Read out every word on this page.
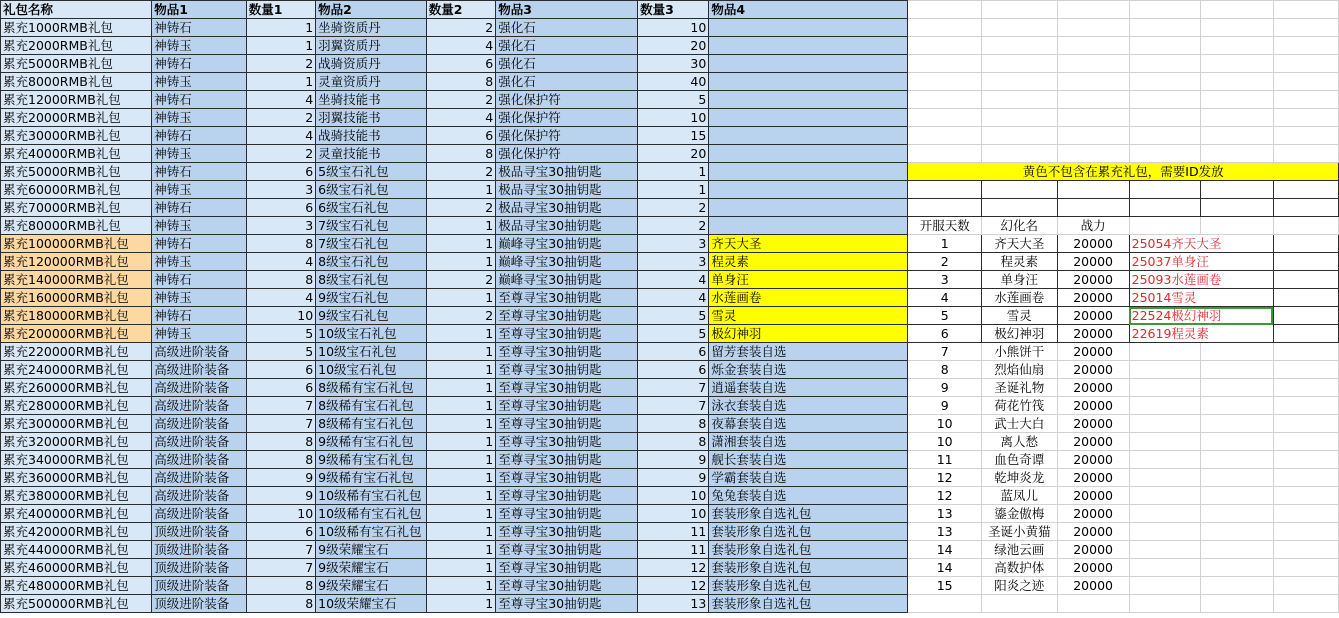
礼包名称	物品1	数量1	物品2	数量2	物品3	数量3	物品4						
累充1000RMB礼包	神铸石	1	坐骑资质丹	2	强化石	10							
累充2000RMB礼包	神铸玉	1	羽翼资质丹	4	强化石	20							
累充5000RMB礼包	神铸石	2	战骑资质丹	6	强化石	30							
累充8000RMB礼包	神铸玉	1	灵童资质丹	8	强化石	40							
累充12000RMB礼包	神铸石	4	坐骑技能书	2	强化保护符	5							
累充20000RMB礼包	神铸玉	2	羽翼技能书	4	强化保护符	10							
累充30000RMB礼包	神铸石	4	战骑技能书	6	强化保护符	15							
累充40000RMB礼包	神铸玉	2	灵童技能书	8	强化保护符	20							
累充50000RMB礼包	神铸石	6	5级宝石礼包	2	极品寻宝30抽钥匙	1		黄色不包含在累充礼包，需要ID发放					
累充60000RMB礼包	神铸玉	3	6级宝石礼包	1	极品寻宝30抽钥匙	1							
累充70000RMB礼包	神铸石	6	6级宝石礼包	2	极品寻宝30抽钥匙	2							
累充80000RMB礼包	神铸玉	3	7级宝石礼包	1	极品寻宝30抽钥匙	2		开服天数	幻化名	战力			
累充100000RMB礼包	神铸石	8	7级宝石礼包	1	巅峰寻宝30抽钥匙	3	齐天大圣	1	齐天大圣	20000	25054齐天大圣		
累充120000RMB礼包	神铸玉	4	8级宝石礼包	1	巅峰寻宝30抽钥匙	3	程灵素	2	程灵素	20000	25037单身汪		
累充140000RMB礼包	神铸石	8	8级宝石礼包	2	巅峰寻宝30抽钥匙	4	单身汪	3	单身汪	20000	25093水莲画卷		
累充160000RMB礼包	神铸玉	4	9级宝石礼包	1	至尊寻宝30抽钥匙	4	水莲画卷	4	水莲画卷	20000	25014雪灵		
累充180000RMB礼包	神铸石	10	9级宝石礼包	2	至尊寻宝30抽钥匙	5	雪灵	5	雪灵	20000	22524极幻神羽		
累充200000RMB礼包	神铸玉	5	10级宝石礼包	1	至尊寻宝30抽钥匙	5	极幻神羽	6	极幻神羽	20000	22619程灵素		
累充220000RMB礼包	高级进阶装备	5	10级宝石礼包	1	至尊寻宝30抽钥匙	6	留芳套装自选	7	小熊饼干	20000			
累充240000RMB礼包	高级进阶装备	6	10级宝石礼包	1	至尊寻宝30抽钥匙	6	烁金套装自选	8	烈焰仙扇	20000			
累充260000RMB礼包	高级进阶装备	6	8级稀有宝石礼包	1	至尊寻宝30抽钥匙	7	逍遥套装自选	9	圣诞礼物	20000			
累充280000RMB礼包	高级进阶装备	7	8级稀有宝石礼包	1	至尊寻宝30抽钥匙	7	泳衣套装自选	9	荷花竹筏	20000			
累充300000RMB礼包	高级进阶装备	7	8级稀有宝石礼包	1	至尊寻宝30抽钥匙	8	夜幕套装自选	10	武士大白	20000			
累充320000RMB礼包	高级进阶装备	8	9级稀有宝石礼包	1	至尊寻宝30抽钥匙	8	潇湘套装自选	10	离人愁	20000			
累充340000RMB礼包	高级进阶装备	8	9级稀有宝石礼包	1	至尊寻宝30抽钥匙	9	舰长套装自选	11	血色奇谭	20000			
累充360000RMB礼包	高级进阶装备	9	9级稀有宝石礼包	1	至尊寻宝30抽钥匙	9	学霸套装自选	12	乾坤炎龙	20000			
累充380000RMB礼包	高级进阶装备	9	10级稀有宝石礼包	1	至尊寻宝30抽钥匙	10	兔兔套装自选	12	蓝凤儿	20000			
累充400000RMB礼包	高级进阶装备	10	10级稀有宝石礼包	1	至尊寻宝30抽钥匙	10	套装形象自选礼包	13	鎏金傲梅	20000			
累充420000RMB礼包	顶级进阶装备	6	10级稀有宝石礼包	1	至尊寻宝30抽钥匙	11	套装形象自选礼包	13	圣诞小黄猫	20000			
累充440000RMB礼包	顶级进阶装备	7	9级荣耀宝石	1	至尊寻宝30抽钥匙	11	套装形象自选礼包	14	绿池云画	20000			
累充460000RMB礼包	顶级进阶装备	7	9级荣耀宝石	1	至尊寻宝30抽钥匙	12	套装形象自选礼包	14	高数护体	20000			
累充480000RMB礼包	顶级进阶装备	8	9级荣耀宝石	1	至尊寻宝30抽钥匙	12	套装形象自选礼包	15	阳炎之迹	20000			
累充500000RMB礼包	顶级进阶装备	8	10级荣耀宝石	1	至尊寻宝30抽钥匙	13	套装形象自选礼包						
